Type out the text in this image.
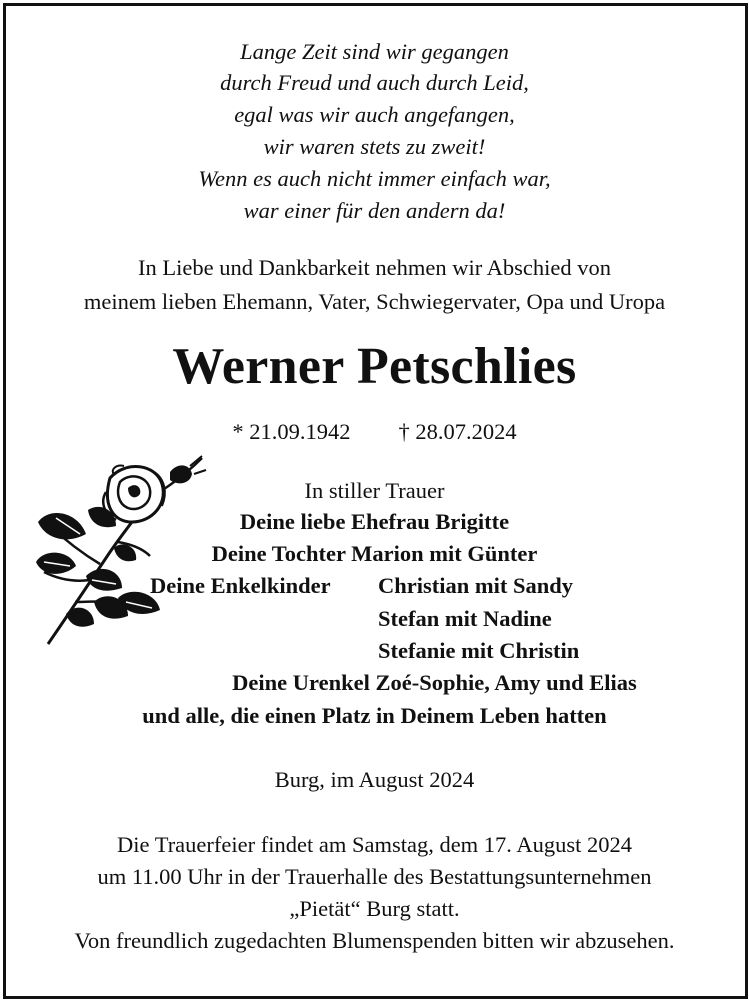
Lange Zeit sind wir gegangen
durch Freud und auch durch Leid,
egal was wir auch angefangen,
wir waren stets zu zweit!
Wenn es auch nicht immer einfach war,
war einer für den andern da!
In Liebe und Dankbarkeit nehmen wir Abschied von
meinem lieben Ehemann, Vater, Schwiegervater, Opa und Uropa
Werner Petschlies
* 21.09.1942 † 28.07.2024
In stiller Trauer
Deine liebe Ehefrau Brigitte
Deine Tochter Marion mit Günter
Deine Enkelkinder Christian mit Sandy
Stefan mit Nadine
Stefanie mit Christin
Deine Urenkel Zoé-Sophie, Amy und Elias
und alle, die einen Platz in Deinem Leben hatten
Burg, im August 2024
Die Trauerfeier findet am Samstag, dem 17. August 2024
um 11.00 Uhr in der Trauerhalle des Bestattungsunternehmen
„Pietät“ Burg statt.
Von freundlich zugedachten Blumenspenden bitten wir abzusehen.
